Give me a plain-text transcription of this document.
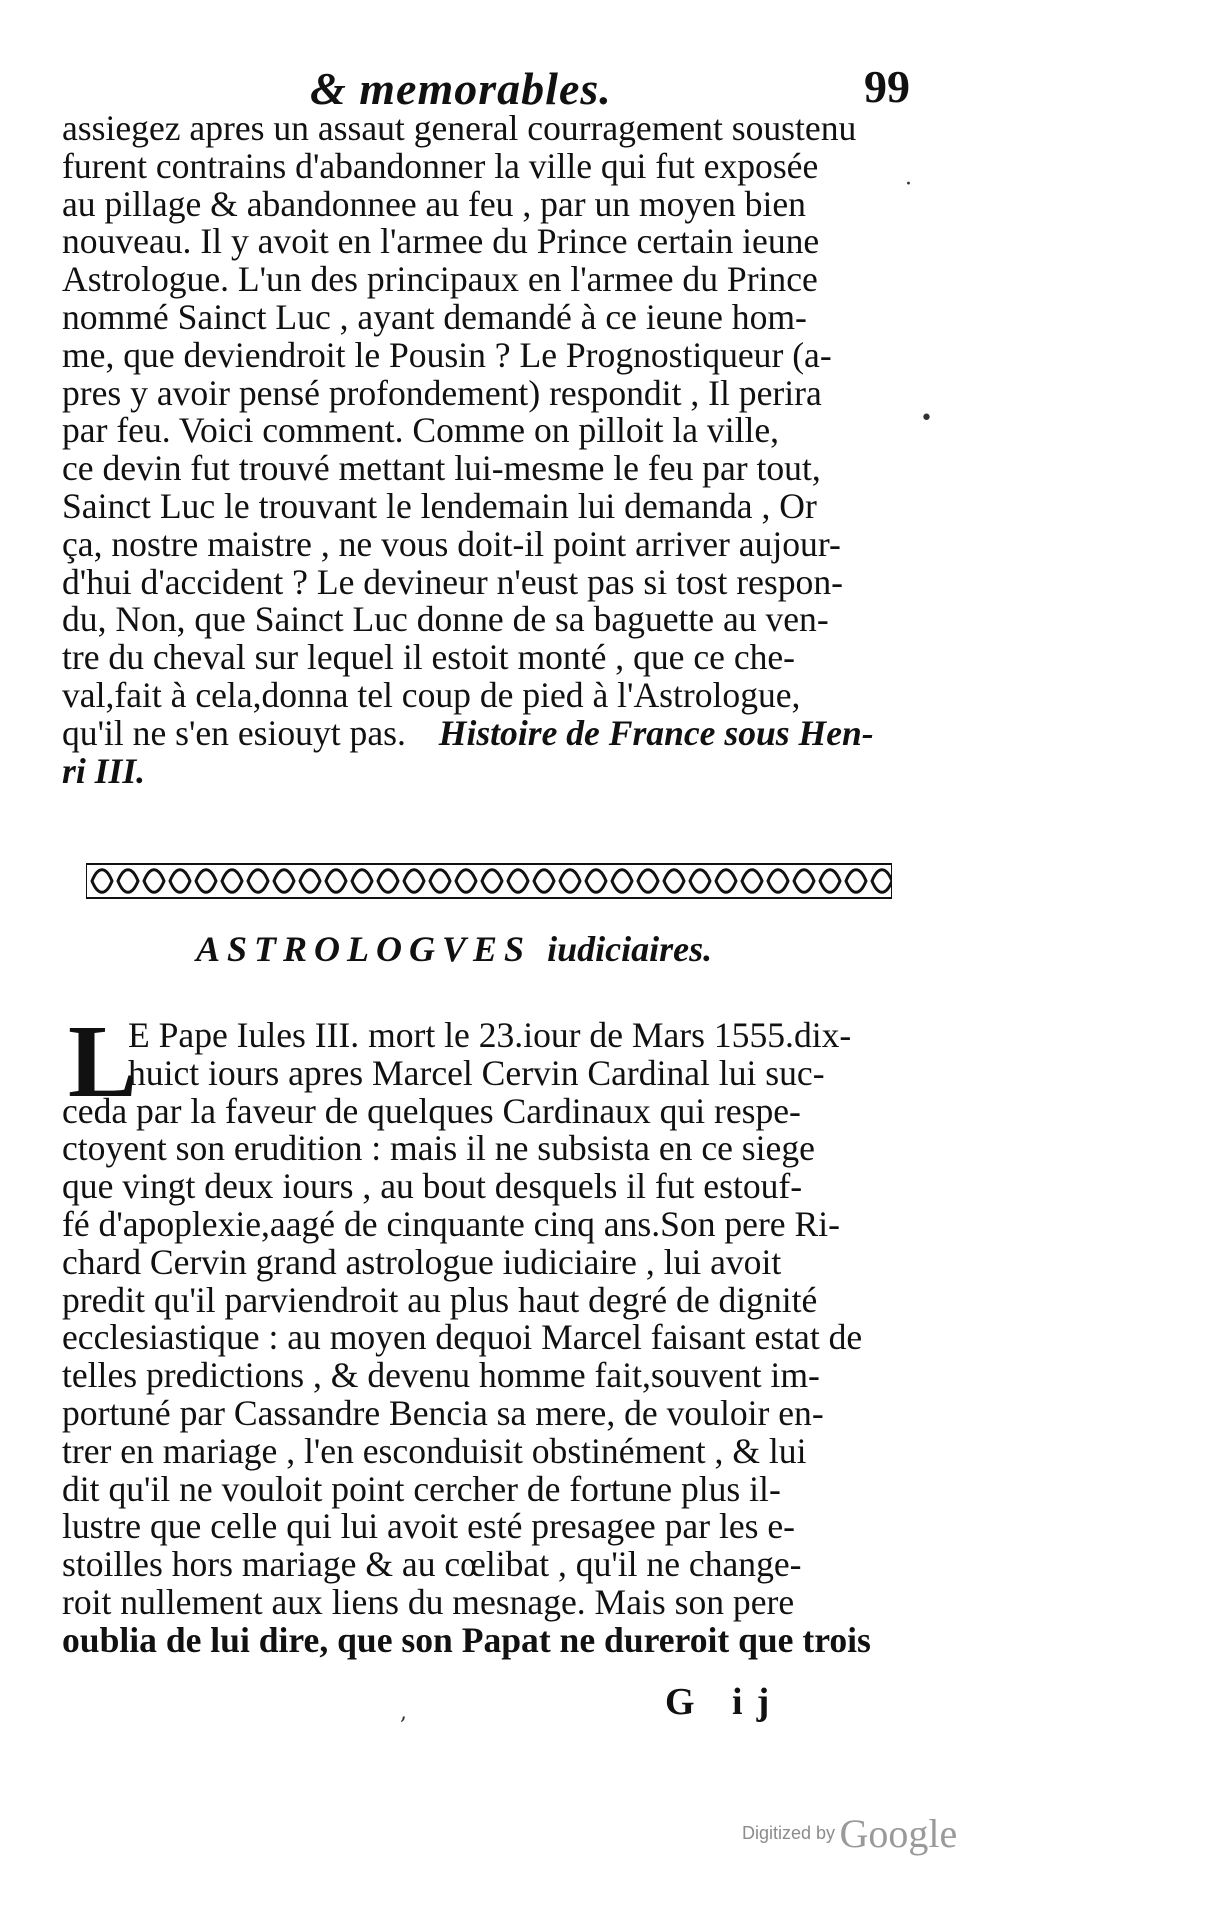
& memorables.	99
assiegez apres un assaut general courragement soustenu
furent contrains d'abandonner la ville qui fut exposée
au pillage & abandonnee au feu , par un moyen bien
nouveau. Il y avoit en l'armee du Prince certain ieune
Astrologue. L'un des principaux en l'armee du Prince
nommé Sainct Luc , ayant demandé à ce ieune hom-
me, que deviendroit le Pousin ? Le Prognostiqueur (a-
pres y avoir pensé profondement) respondit , Il perira
par feu. Voici comment. Comme on pilloit la ville,
ce devin fut trouvé mettant lui-mesme le feu par tout,
Sainct Luc le trouvant le lendemain lui demanda , Or
ça, nostre maistre , ne vous doit-il point arriver aujour-
d'hui d'accident ? Le devineur n'eust pas si tost respon-
du, Non, que Sainct Luc donne de sa baguette au ven-
tre du cheval sur lequel il estoit monté , que ce che-
val,fait à cela,donna tel coup de pied à l'Astrologue,
qu'il ne s'en esiouyt pas. Histoire de France sous Hen-
ri III.
ASTROLOGVES iudiciaires.
L
E Pape Iules III. mort le 23.iour de Mars 1555.dix-
huict iours apres Marcel Cervin Cardinal lui suc-
ceda par la faveur de quelques Cardinaux qui respe-
ctoyent son erudition : mais il ne subsista en ce siege
que vingt deux iours , au bout desquels il fut estouf-
fé d'apoplexie,aagé de cinquante cinq ans.Son pere Ri-
chard Cervin grand astrologue iudiciaire , lui avoit
predit qu'il parviendroit au plus haut degré de dignité
ecclesiastique : au moyen dequoi Marcel faisant estat de
telles predictions , & devenu homme fait,souvent im-
portuné par Cassandre Bencia sa mere, de vouloir en-
trer en mariage , l'en esconduisit obstinément , & lui
dit qu'il ne vouloit point cercher de fortune plus il-
lustre que celle qui lui avoit esté presagee par les e-
stoilles hors mariage & au cœlibat , qu'il ne change-
roit nullement aux liens du mesnage. Mais son pere
oublia de lui dire, que son Papat ne dureroit que trois
G ij
•
·
,
Digitized by Google
